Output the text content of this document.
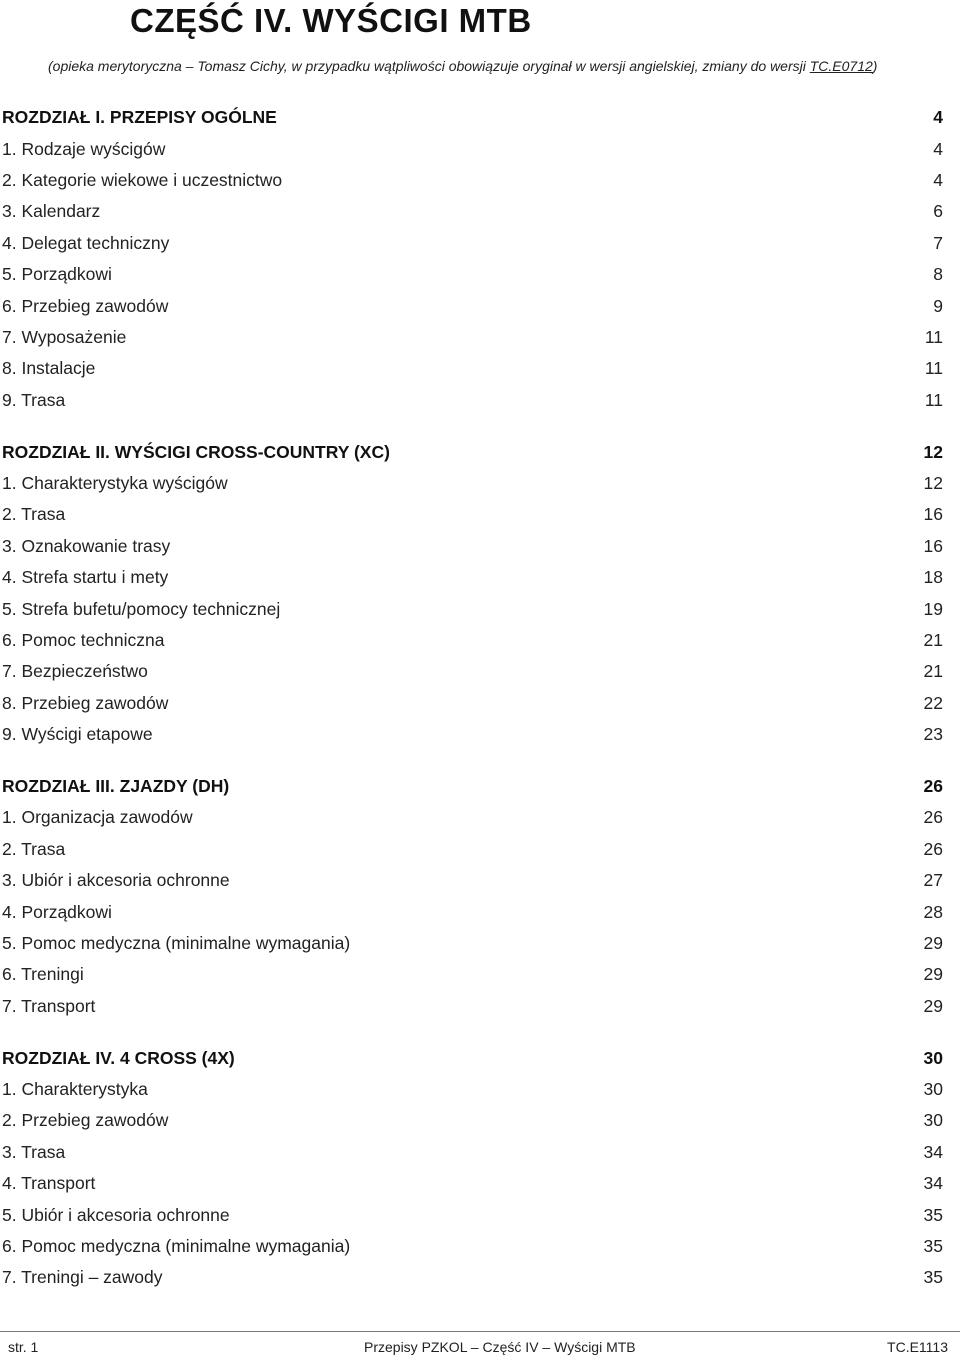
CZĘŚĆ IV. WYŚCIGI MTB

(opieka merytoryczna – Tomasz Cichy, w przypadku wątpliwości obowiązuje oryginał w wersji angielskiej, zmiany do wersji TC.E0712)

ROZDZIAŁ I. PRZEPISY OGÓLNE	4
1. Rodzaje wyścigów	4
2. Kategorie wiekowe i uczestnictwo	4
3. Kalendarz	6
4. Delegat techniczny	7
5. Porządkowi	8
6. Przebieg zawodów	9
7. Wyposażenie	11
8. Instalacje	11
9. Trasa	11
ROZDZIAŁ II. WYŚCIGI CROSS-COUNTRY (XC)	12
1. Charakterystyka wyścigów	12
2. Trasa	16
3. Oznakowanie trasy	16
4. Strefa startu i mety	18
5. Strefa bufetu/pomocy technicznej	19
6. Pomoc techniczna	21
7. Bezpieczeństwo	21
8. Przebieg zawodów	22
9. Wyścigi etapowe	23
ROZDZIAŁ III. ZJAZDY (DH)	26
1. Organizacja zawodów	26
2. Trasa	26
3. Ubiór i akcesoria ochronne	27
4. Porządkowi	28
5. Pomoc medyczna (minimalne wymagania)	29
6. Treningi	29
7. Transport	29
ROZDZIAŁ IV. 4 CROSS (4X)	30
1. Charakterystyka	30
2. Przebieg zawodów	30
3. Trasa	34
4. Transport	34
5. Ubiór i akcesoria ochronne	35
6. Pomoc medyczna (minimalne wymagania)	35
7. Treningi – zawody	35
str. 1	Przepisy PZKOL – Część IV – Wyścigi MTB	TC.E1113
